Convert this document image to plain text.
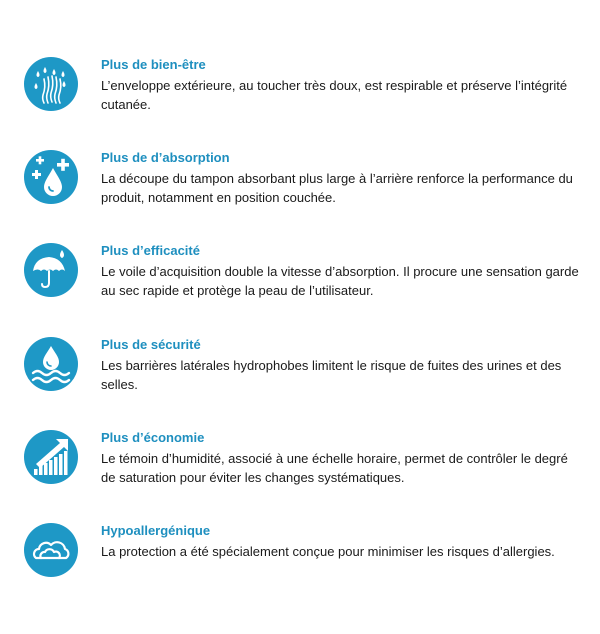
Plus de bien-être

L’enveloppe extérieure, au toucher très doux, est respirable et préserve l’intégrité cutanée.

Plus de d’absorption

La découpe du tampon absorbant plus large à l’arrière renforce la performance du produit, notamment en position couchée.

Plus d’efficacité

Le voile d’acquisition double la vitesse d’absorption. Il procure une sensation garde au sec rapide et protège la peau de l’utilisateur.

Plus de sécurité

Les barrières latérales hydrophobes limitent le risque de fuites des urines et des selles.

Plus d’économie

Le témoin d’humidité, associé à une échelle horaire, permet de contrôler le degré de saturation pour éviter les changes systématiques.

Hypoallergénique

La protection a été spécialement conçue pour minimiser les risques d’allergies.
